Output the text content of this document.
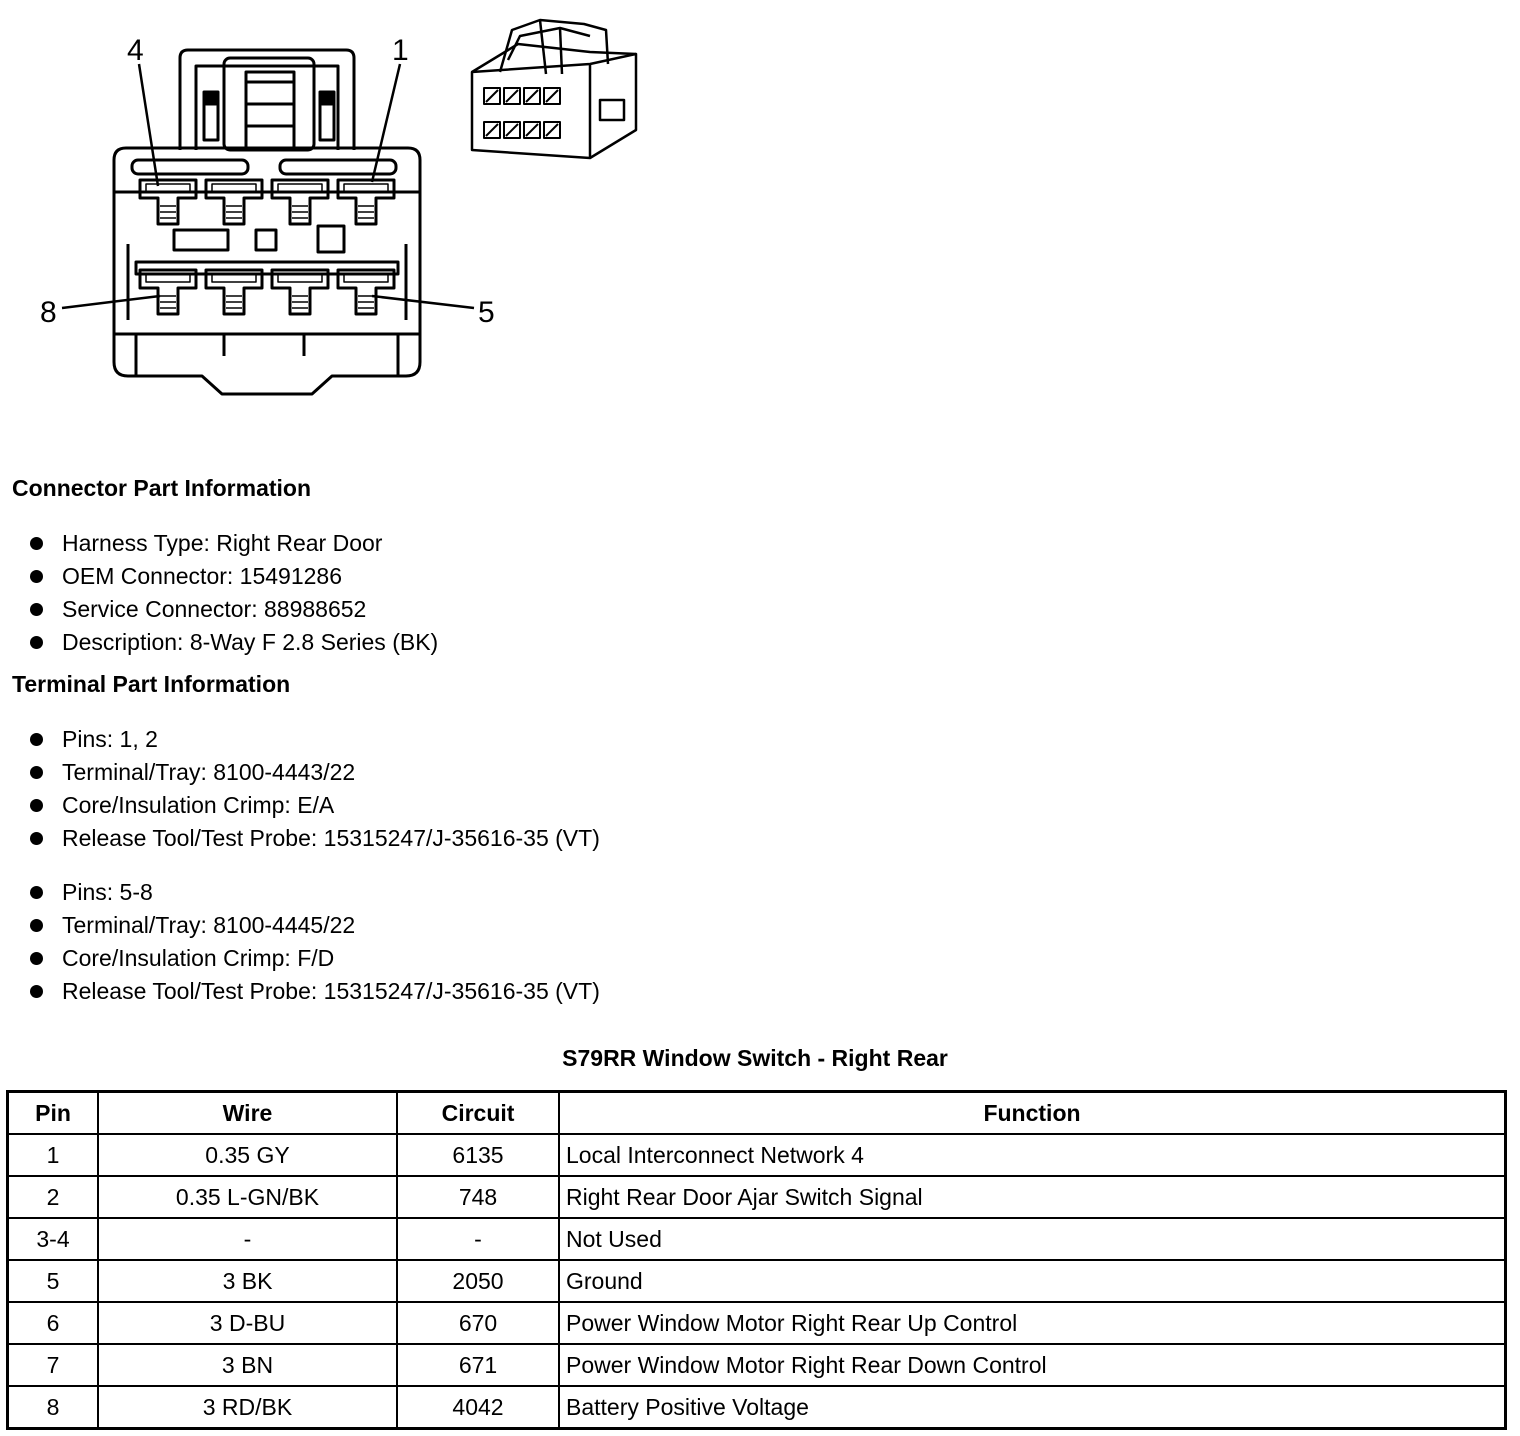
4	1
8	5
Connector Part Information
Harness Type: Right Rear Door
OEM Connector: 15491286
Service Connector: 88988652
Description: 8-Way F 2.8 Series (BK)
Terminal Part Information
Pins: 1, 2
Terminal/Tray: 8100-4443/22
Core/Insulation Crimp: E/A
Release Tool/Test Probe: 15315247/J-35616-35 (VT)
Pins: 5-8
Terminal/Tray: 8100-4445/22
Core/Insulation Crimp: F/D
Release Tool/Test Probe: 15315247/J-35616-35 (VT)
S79RR Window Switch - Right Rear
Pin	Wire	Circuit	Function
1	0.35 GY	6135	Local Interconnect Network 4
2	0.35 L-GN/BK	748	Right Rear Door Ajar Switch Signal
3-4	-	-	Not Used
5	3 BK	2050	Ground
6	3 D-BU	670	Power Window Motor Right Rear Up Control
7	3 BN	671	Power Window Motor Right Rear Down Control
8	3 RD/BK	4042	Battery Positive Voltage
